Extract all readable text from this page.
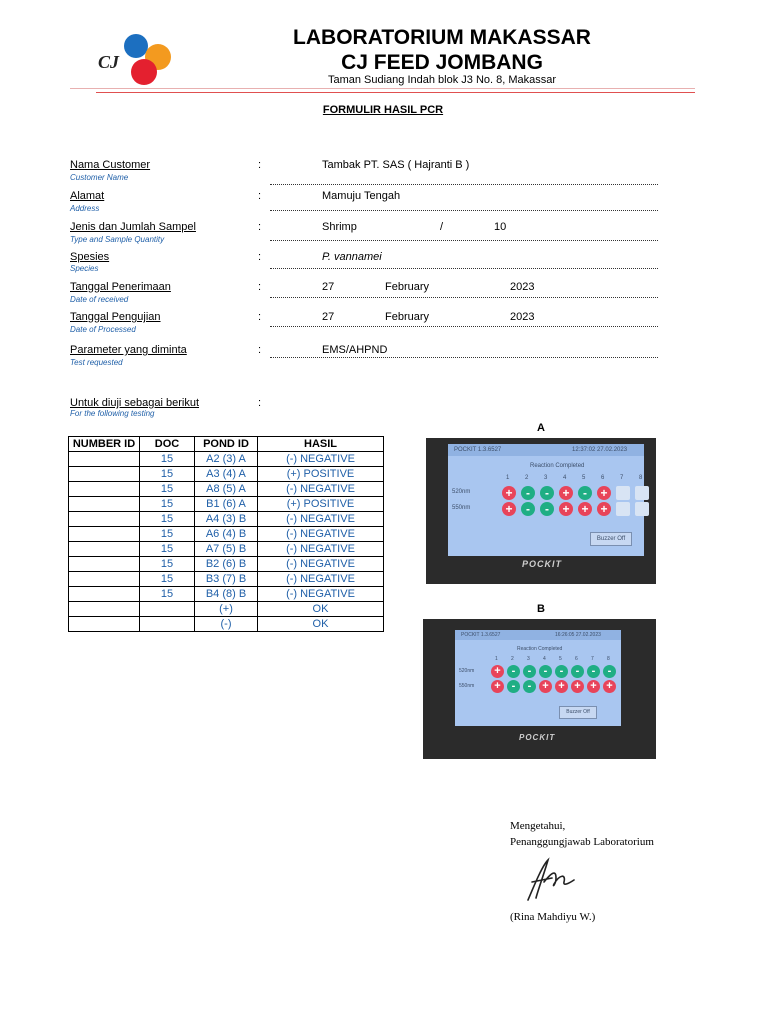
CJ
LABORATORIUM MAKASSAR
CJ FEED JOMBANG
Taman Sudiang Indah blok J3 No. 8, Makassar
FORMULIR HASIL PCR
Nama Customer
Customer Name
:	Tambak PT. SAS ( Hajranti B )
Alamat
Address
:	Mamuju Tengah
Jenis dan Jumlah Sampel
Type and Sample Quantity
:	Shrimp	/	10
Spesies
Species
:	P. vannamei
Tanggal Penerimaan
Date of received
:	27	February	2023
Tanggal Pengujian
Date of Processed
:	27	February	2023
Parameter yang diminta
Test requested
:	EMS/AHPND
Untuk diuji sebagai berikut
For the following testing
:
NUMBER ID	DOC	POND ID	HASIL
	15	A2 (3) A	(-) NEGATIVE
	15	A3 (4) A	(+) POSITIVE
	15	A8 (5) A	(-) NEGATIVE
	15	B1 (6) A	(+) POSITIVE
	15	A4 (3) B	(-) NEGATIVE
	15	A6 (4) B	(-) NEGATIVE
	15	A7 (5) B	(-) NEGATIVE
	15	B2 (6) B	(-) NEGATIVE
	15	B3 (7) B	(-) NEGATIVE
	15	B4 (8) B	(-) NEGATIVE
		(+)	OK
		(-)	OK
A
POCKIT 1.3.6527	12:37:02 27.02.2023
Reaction Completed
1	2	3	4	5	6	7	8
520nm
550nm
+	-	-	+	-	+
+	-	-	+ + +
Buzzer Off
POCKIT
B
POCKIT 1.3.6527	16:26:05 27.02.2023
Reaction Completed
1	2	3	4	5	6	7	8
520nm
550nm
+ -	-	-	-	-	-	-
+ -	- + + + + +
Buzzer Off
POCKIT
Mengetahui,
Penanggungjawab Laboratorium
(Rina Mahdiyu W.)
